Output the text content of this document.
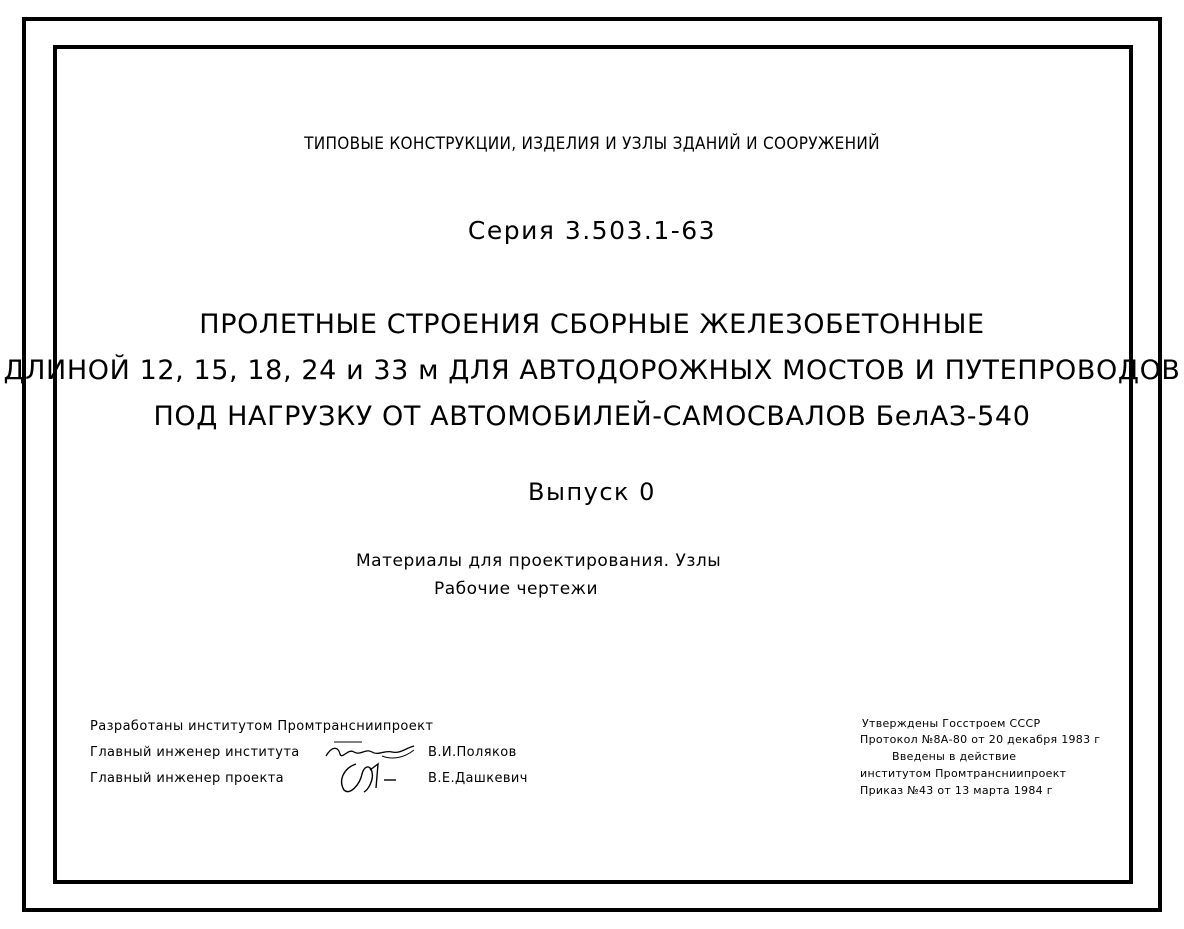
ТИПОВЫЕ КОНСТРУКЦИИ, ИЗДЕЛИЯ И УЗЛЫ ЗДАНИЙ И СООРУЖЕНИЙ
Серия 3.503.1-63
ПРОЛЕТНЫЕ СТРОЕНИЯ СБОРНЫЕ ЖЕЛЕЗОБЕТОННЫЕ
ДЛИНОЙ 12, 15, 18, 24 и 33 м ДЛЯ АВТОДОРОЖНЫХ МОСТОВ И ПУТЕПРОВОДОВ
ПОД НАГРУЗКУ ОТ АВТОМОБИЛЕЙ-САМОСВАЛОВ БелАЗ-540
Выпуск 0
Материалы для проектирования. Узлы
Рабочие чертежи
Разработаны институтом Промтрансниипроект
Главный инженер института	В.И.Поляков
Главный инженер проекта	В.Е.Дашкевич
Утверждены Госстроем СССР
Протокол №8А-80 от 20 декабря 1983 г
Введены в действие
институтом Промтрансниипроект
Приказ №43 от 13 марта 1984 г
